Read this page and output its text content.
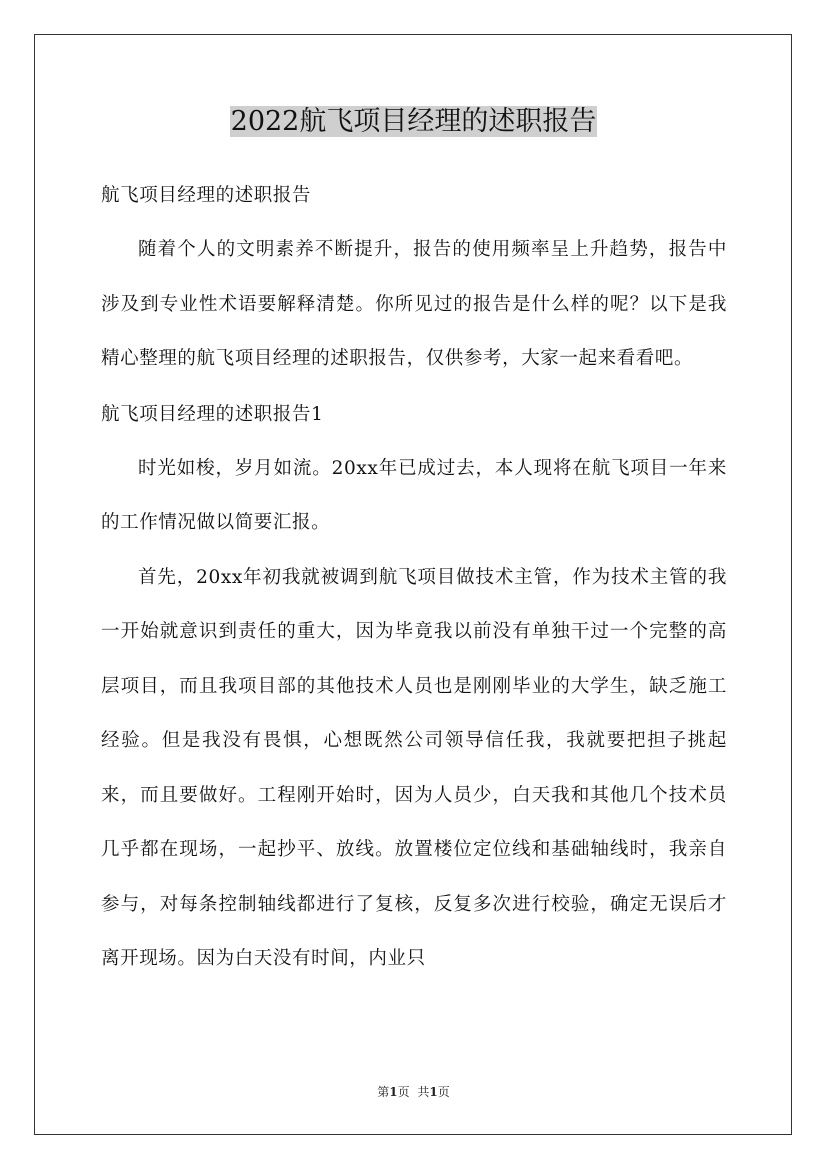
2022航飞项目经理的述职报告

航飞项目经理的述职报告

随着个人的文明素养不断提升，报告的使用频率呈上升趋势，报告中涉及到专业性术语要解释清楚。你所见过的报告是什么样的呢？以下是我精心整理的航飞项目经理的述职报告，仅供参考，大家一起来看看吧。

航飞项目经理的述职报告1

时光如梭，岁月如流。20xx年已成过去，本人现将在航飞项目一年来的工作情况做以简要汇报。

首先，20xx年初我就被调到航飞项目做技术主管，作为技术主管的我一开始就意识到责任的重大，因为毕竟我以前没有单独干过一个完整的高层项目，而且我项目部的其他技术人员也是刚刚毕业的大学生，缺乏施工经验。但是我没有畏惧，心想既然公司领导信任我，我就要把担子挑起来，而且要做好。工程刚开始时，因为人员少，白天我和其他几个技术员几乎都在现场，一起抄平、放线。放置楼位定位线和基础轴线时，我亲自参与，对每条控制轴线都进行了复核，反复多次进行校验，确定无误后才离开现场。因为白天没有时间，内业只

第1页 共1页
